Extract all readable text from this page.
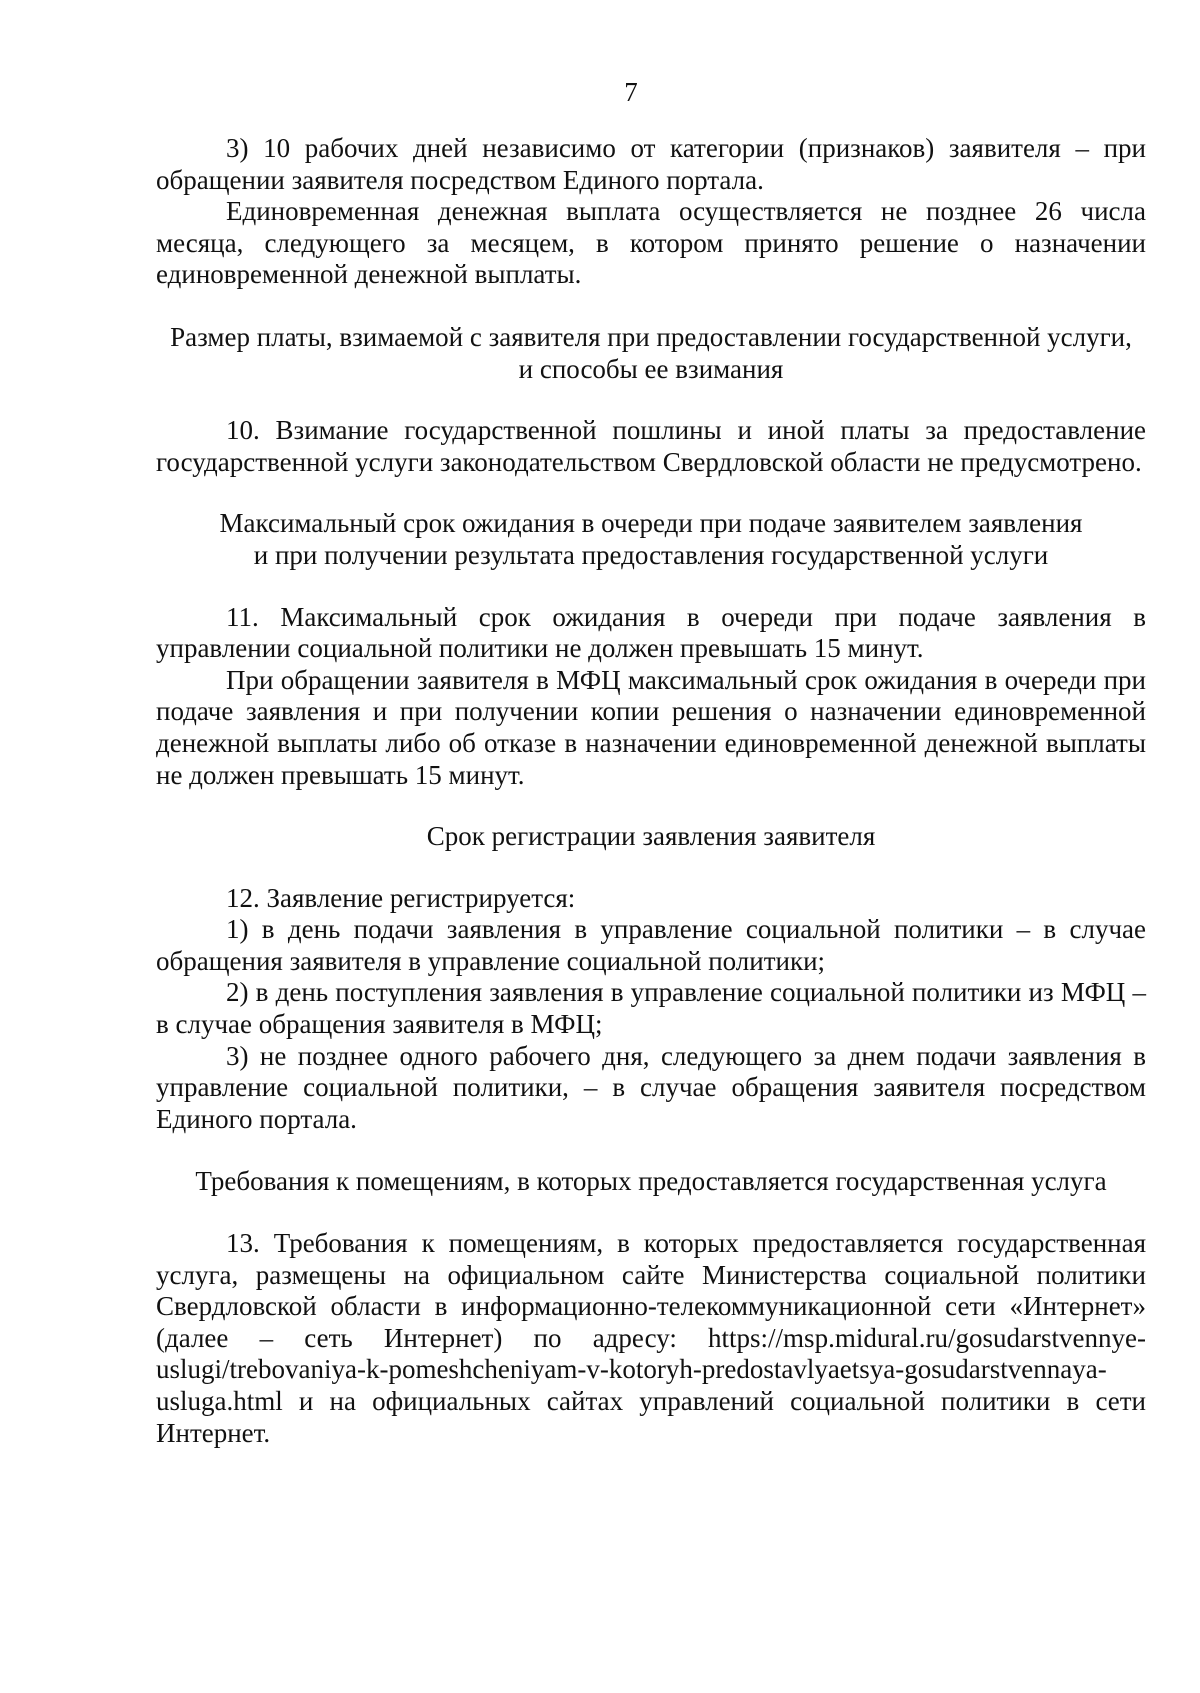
7

3) 10 рабочих дней независимо от категории (признаков) заявителя – при обращении заявителя посредством Единого портала.

Единовременная денежная выплата осуществляется не позднее 26 числа месяца, следующего за месяцем, в котором принято решение о назначении единовременной денежной выплаты.

Размер платы, взимаемой с заявителя при предоставлении государственной услуги,

и способы ее взимания

10. Взимание государственной пошлины и иной платы за предоставление государственной услуги законодательством Свердловской области не предусмотрено.

Максимальный срок ожидания в очереди при подаче заявителем заявления

и при получении результата предоставления государственной услуги

11. Максимальный срок ожидания в очереди при подаче заявления в управлении социальной политики не должен превышать 15 минут.

При обращении заявителя в МФЦ максимальный срок ожидания в очереди при подаче заявления и при получении копии решения о назначении единовременной денежной выплаты либо об отказе в назначении единовременной денежной выплаты не должен превышать 15 минут.

Срок регистрации заявления заявителя

12. Заявление регистрируется:

1) в день подачи заявления в управление социальной политики – в случае обращения заявителя в управление социальной политики;

2) в день поступления заявления в управление социальной политики из МФЦ – в случае обращения заявителя в МФЦ;

3) не позднее одного рабочего дня, следующего за днем подачи заявления в управление социальной политики, – в случае обращения заявителя посредством Единого портала.

Требования к помещениям, в которых предоставляется государственная услуга

13. Требования к помещениям, в которых предоставляется государственная услуга, размещены на официальном сайте Министерства социальной политики Свердловской области в информационно-телекоммуникационной сети «Интернет» (далее – сеть Интернет) по адресу: https://msp.midural.ru/gosudarstvennye-uslugi/trebovaniya-k-pomeshcheniyam-v-kotoryh-predostavlyaetsya-gosudarstvennaya-usluga.html и на официальных сайтах управлений социальной политики в сети Интернет.
